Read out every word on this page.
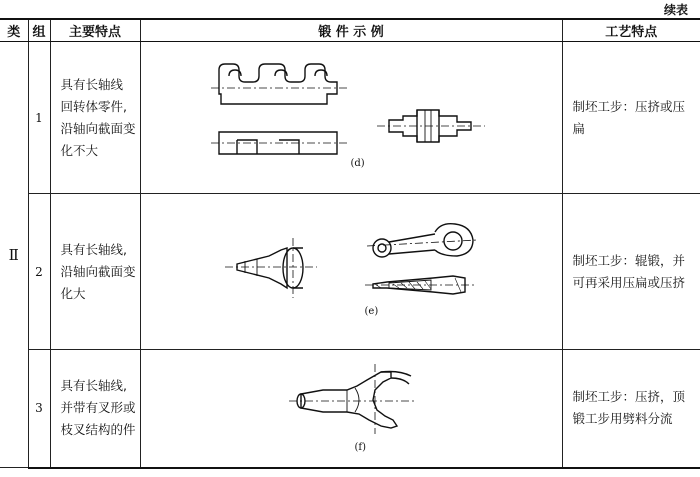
续表
类	组	主要特点	锻 件 示 例	工艺特点
Ⅱ	1	具有长轴线
回转体零件,
沿轴向截面变
化不大	(d)	制坯工步：压挤或压
扁

	2	具有长轴线,
沿轴向截面变
化大	(e)	制坯工步：辊锻，并
可再采用压扁或压挤

	3	具有长轴线,
并带有叉形或
枝叉结构的件	(f)	制坯工步：压挤，顶
锻工步用劈料分流
